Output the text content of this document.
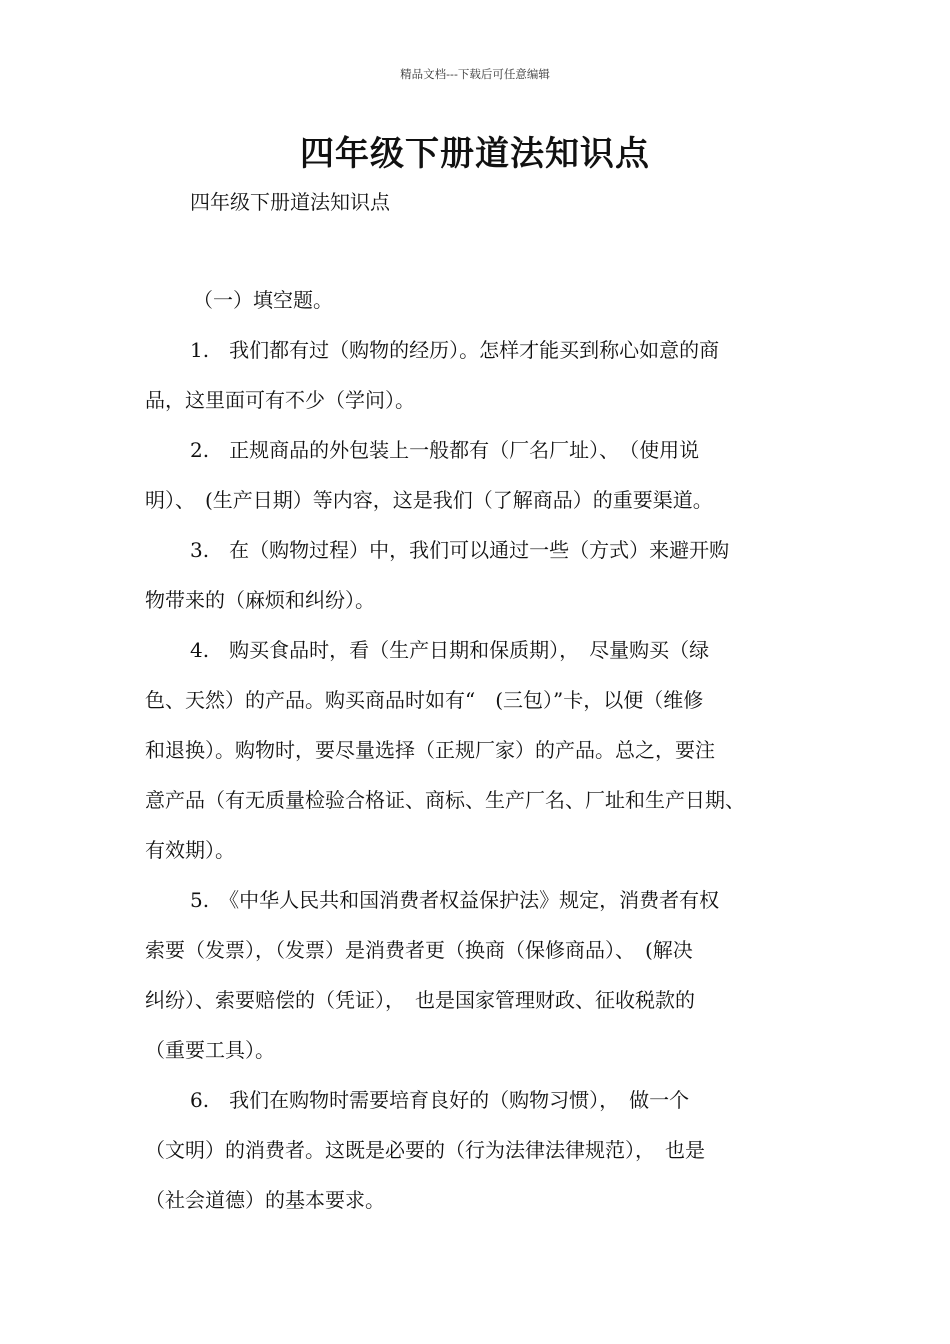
精品文档---下载后可任意编辑
四年级下册道法知识点
四年级下册道法知识点
（一）填空题。
1.　我们都有过（购物的经历）。怎样才能买到称心如意的商
品，这里面可有不少（学问）。
2.　正规商品的外包装上一般都有（厂名厂址）、　（使用说
明）、　(生产日期）等内容，这是我们（了解商品）的重要渠道。
3.　在（购物过程）中，我们可以通过一些（方式）来避开购
物带来的（麻烦和纠纷）。
4.　购买食品时，看（生产日期和保质期），　尽量购买（绿
色、天然）的产品。购买商品时如有“　(三包）”卡，以便（维修
和退换）。购物时，要尽量选择（正规厂家）的产品。总之，要注
意产品（有无质量检验合格证、商标、生产厂名、厂址和生产日期、
有效期）。
5.　《中华人民共和国消费者权益保护法》规定，消费者有权
索要（发票），（发票）是消费者更（换商（保修商品）、　(解决
纠纷）、索要赔偿的（凭证），　也是国家管理财政、征收税款的
（重要工具）。
6.　我们在购物时需要培育良好的（购物习惯），　做一个
（文明）的消费者。这既是必要的（行为法律法律规范），　也是
（社会道德）的基本要求。
